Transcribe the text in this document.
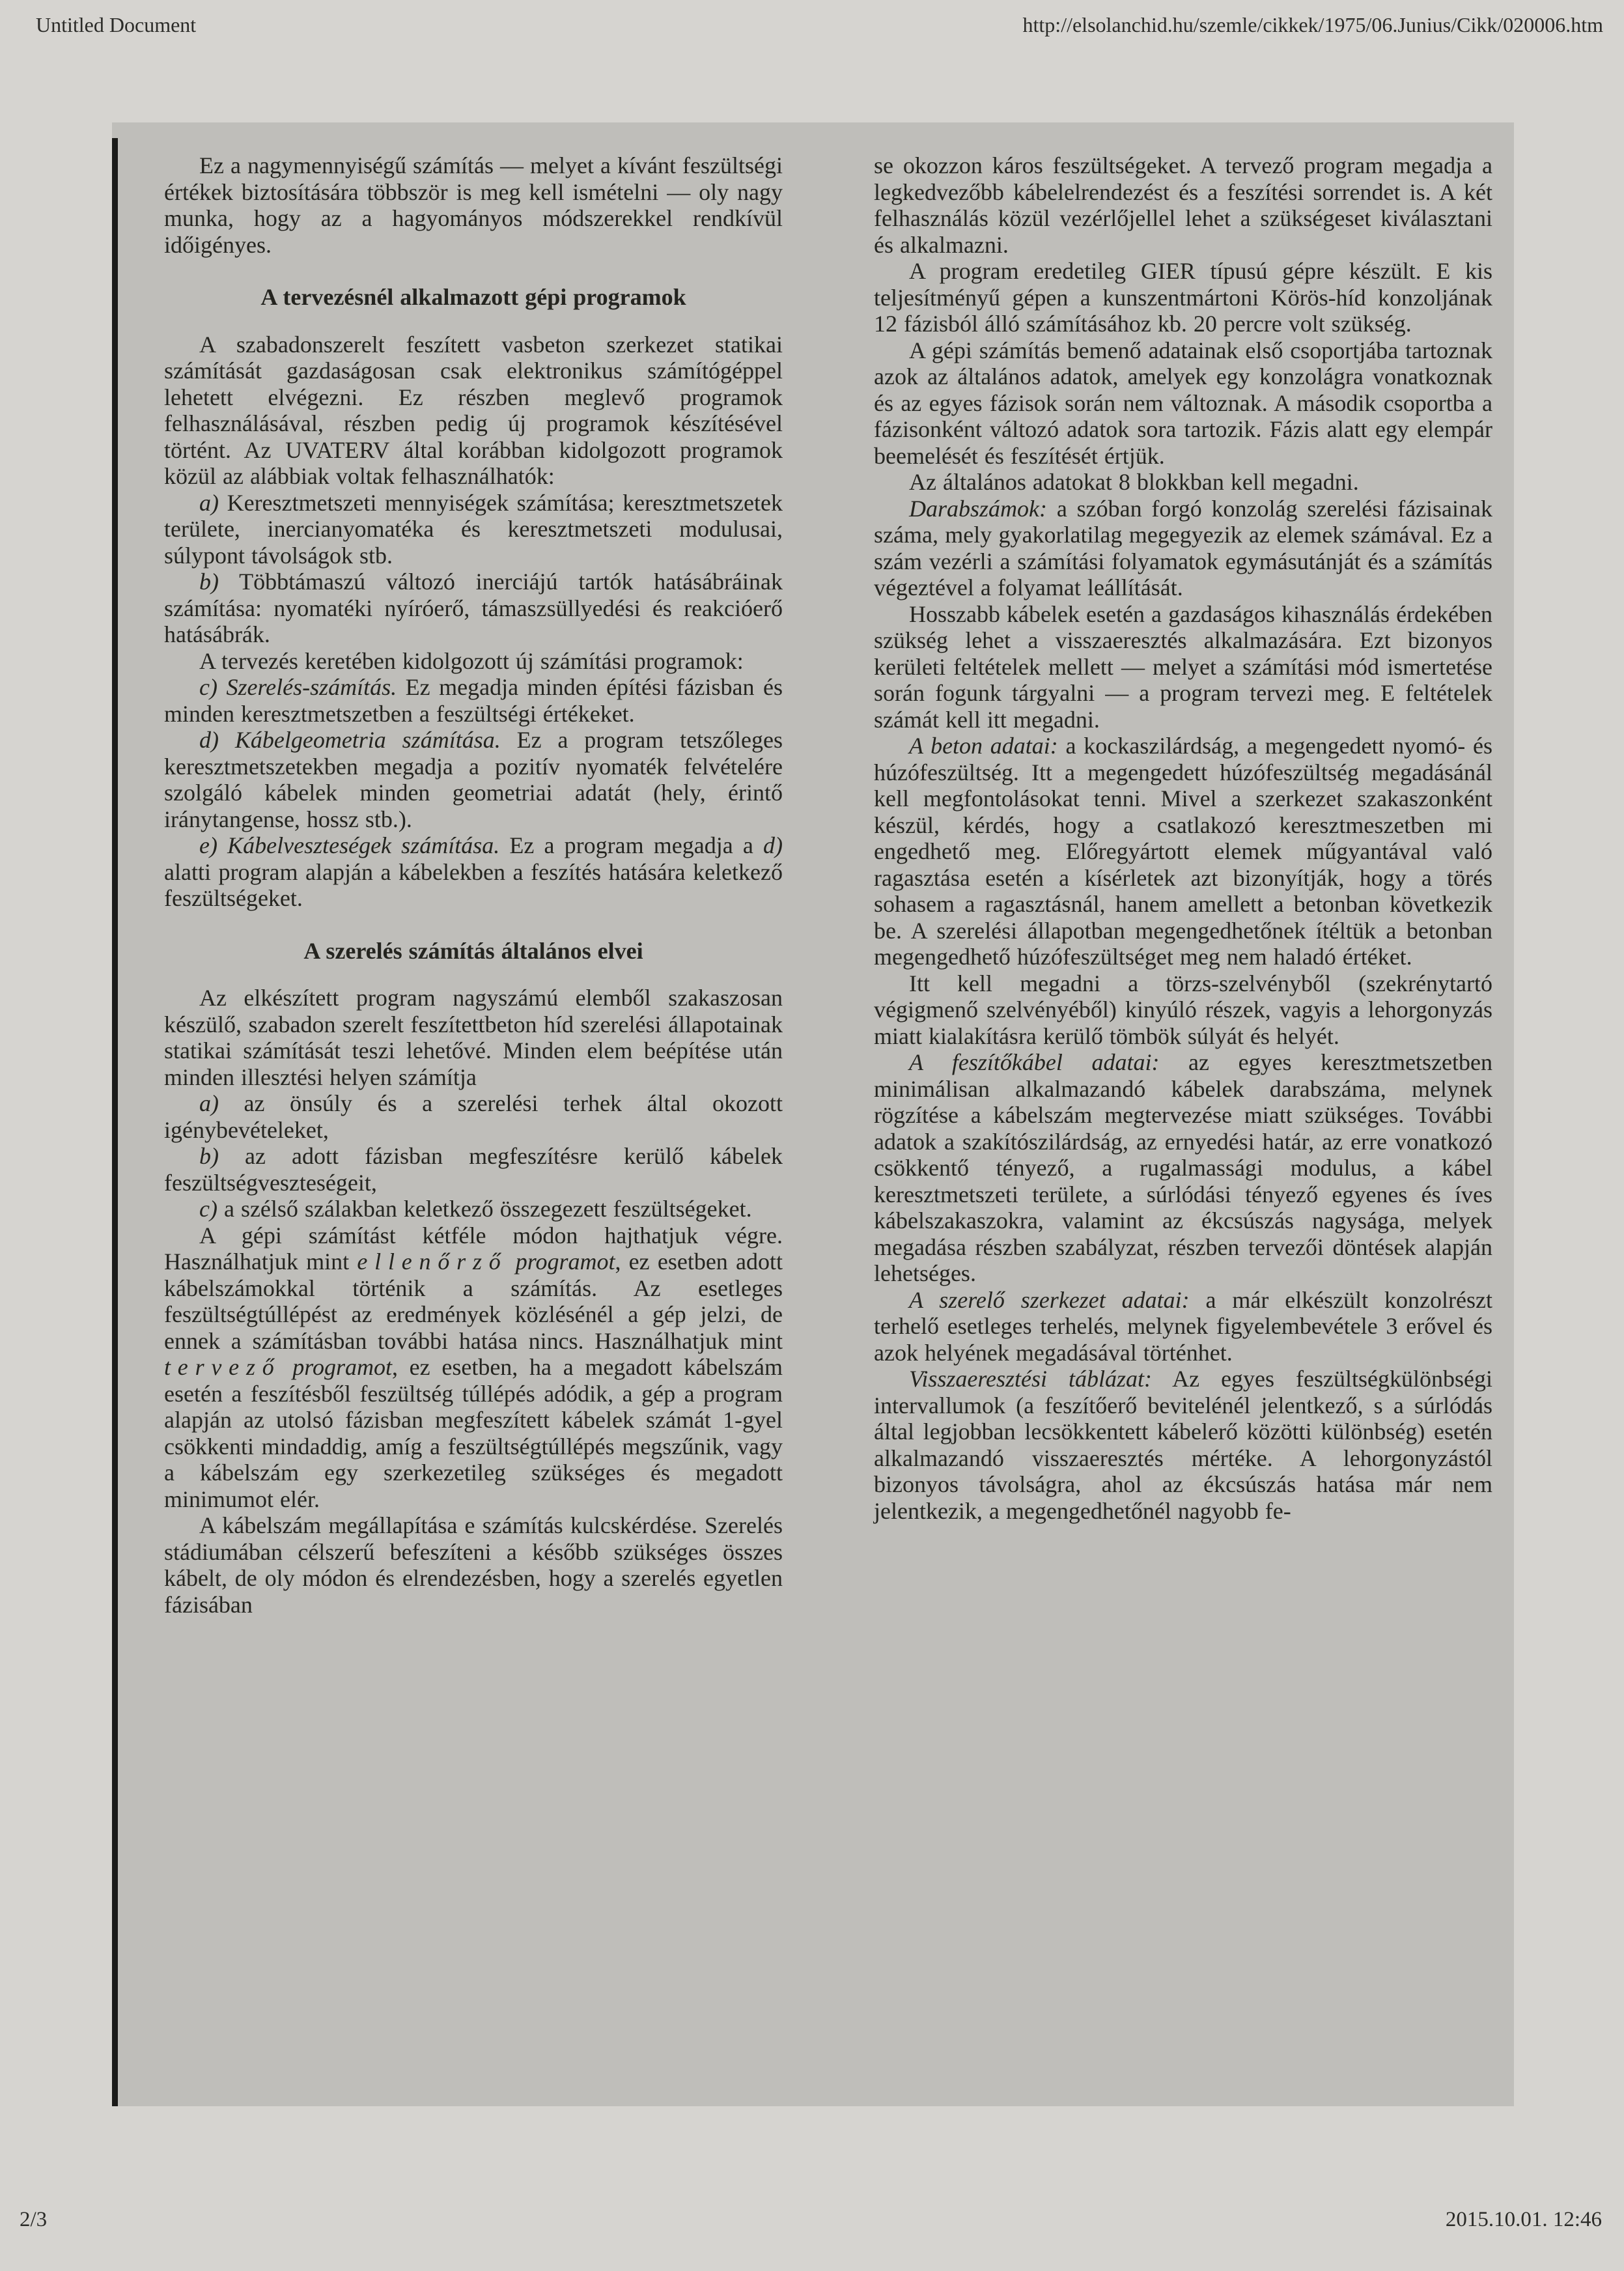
Untitled Document	http://elsolanchid.hu/szemle/cikkek/1975/06.Junius/Cikk/020006.htm

Ez a nagymennyiségű számítás — melyet a kívánt feszültségi értékek biztosítására többször is meg kell ismételni — oly nagy munka, hogy az a hagyományos módszerekkel rendkívül időigényes.

A tervezésnél alkalmazott gépi programok

A szabadonszerelt feszített vasbeton szerkezet statikai számítását gazdaságosan csak elektronikus számítógéppel lehetett elvégezni. Ez részben meglevő programok felhasználásával, részben pedig új programok készítésével történt. Az UVATERV által korábban kidolgozott programok közül az alábbiak voltak felhasználhatók:

a) Keresztmetszeti mennyiségek számítása; keresztmetszetek területe, inercianyomatéka és keresztmetszeti modulusai, súlypont távolságok stb.

b) Többtámaszú változó inerciájú tartók hatásábráinak számítása: nyomatéki nyíróerő, támaszsüllyedési és reakcióerő hatásábrák.

A tervezés keretében kidolgozott új számítási programok:

c) Szerelés-számítás. Ez megadja minden építési fázisban és minden keresztmetszetben a feszültségi értékeket.

d) Kábelgeometria számítása. Ez a program tetszőleges keresztmetszetekben megadja a pozitív nyomaték felvételére szolgáló kábelek minden geometriai adatát (hely, érintő iránytangense, hossz stb.).

e) Kábelveszteségek számítása. Ez a program megadja a d) alatti program alapján a kábelekben a feszítés hatására keletkező feszültségeket.

A szerelés számítás általános elvei

Az elkészített program nagyszámú elemből szakaszosan készülő, szabadon szerelt feszítettbeton híd szerelési állapotainak statikai számítását teszi lehetővé. Minden elem beépítése után minden illesztési helyen számítja

a) az önsúly és a szerelési terhek által okozott igénybevételeket,

b) az adott fázisban megfeszítésre kerülő kábelek feszültségveszteségeit,

c) a szélső szálakban keletkező összegezett feszültségeket.

A gépi számítást kétféle módon hajthatjuk végre. Használhatjuk mint ellenőrző programot, ez esetben adott kábelszámokkal történik a számítás. Az esetleges feszültségtúllépést az eredmények közlésénél a gép jelzi, de ennek a számításban további hatása nincs. Használhatjuk mint tervező programot, ez esetben, ha a megadott kábelszám esetén a feszítésből feszültség túllépés adódik, a gép a program alapján az utolsó fázisban megfeszített kábelek számát 1-gyel csökkenti mindaddig, amíg a feszültségtúllépés megszűnik, vagy a kábelszám egy szerkezetileg szükséges és megadott minimumot elér.

A kábelszám megállapítása e számítás kulcskérdése. Szerelés stádiumában célszerű befeszíteni a később szükséges összes kábelt, de oly módon és elrendezésben, hogy a szerelés egyetlen fázisában

se okozzon káros feszültségeket. A tervező program megadja a legkedvezőbb kábelelrendezést és a feszítési sorrendet is. A két felhasználás közül vezérlőjellel lehet a szükségeset kiválasztani és alkalmazni.

A program eredetileg GIER típusú gépre készült. E kis teljesítményű gépen a kunszentmártoni Körös-híd konzoljának 12 fázisból álló számításához kb. 20 percre volt szükség.

A gépi számítás bemenő adatainak első csoportjába tartoznak azok az általános adatok, amelyek egy konzolágra vonatkoznak és az egyes fázisok során nem változnak. A második csoportba a fázisonként változó adatok sora tartozik. Fázis alatt egy elempár beemelését és feszítését értjük.

Az általános adatokat 8 blokkban kell megadni.

Darabszámok: a szóban forgó konzolág szerelési fázisainak száma, mely gyakorlatilag megegyezik az elemek számával. Ez a szám vezérli a számítási folyamatok egymásutánját és a számítás végeztével a folyamat leállítását.

Hosszabb kábelek esetén a gazdaságos kihasználás érdekében szükség lehet a visszaeresztés alkalmazására. Ezt bizonyos kerületi feltételek mellett — melyet a számítási mód ismertetése során fogunk tárgyalni — a program tervezi meg. E feltételek számát kell itt megadni.

A beton adatai: a kockaszilárdság, a megengedett nyomó- és húzófeszültség. Itt a megengedett húzófeszültség megadásánál kell megfontolásokat tenni. Mivel a szerkezet szakaszonként készül, kérdés, hogy a csatlakozó keresztmeszetben mi engedhető meg. Előregyártott elemek műgyantával való ragasztása esetén a kísérletek azt bizonyítják, hogy a törés sohasem a ragasztásnál, hanem amellett a betonban következik be. A szerelési állapotban megengedhetőnek ítéltük a betonban megengedhető húzófeszültséget meg nem haladó értéket.

Itt kell megadni a törzs-szelvényből (szekrénytartó végigmenő szelvényéből) kinyúló részek, vagyis a lehorgonyzás miatt kialakításra kerülő tömbök súlyát és helyét.

A feszítőkábel adatai: az egyes keresztmetszetben minimálisan alkalmazandó kábelek darabszáma, melynek rögzítése a kábelszám megtervezése miatt szükséges. További adatok a szakítószilárdság, az ernyedési határ, az erre vonatkozó csökkentő tényező, a rugalmassági modulus, a kábel keresztmetszeti területe, a súrlódási tényező egyenes és íves kábelszakaszokra, valamint az ékcsúszás nagysága, melyek megadása részben szabályzat, részben tervezői döntések alapján lehetséges.

A szerelő szerkezet adatai: a már elkészült konzolrészt terhelő esetleges terhelés, melynek figyelembevétele 3 erővel és azok helyének megadásával történhet.

Visszaeresztési táblázat: Az egyes feszültségkülönbségi intervallumok (a feszítőerő bevitelénél jelentkező, s a súrlódás által legjobban lecsökkentett kábelerő közötti különbség) esetén alkalmazandó visszaeresztés mértéke. A lehorgonyzástól bizonyos távolságra, ahol az ékcsúszás hatása már nem jelentkezik, a megengedhetőnél nagyobb fe-

2/3	2015.10.01. 12:46
